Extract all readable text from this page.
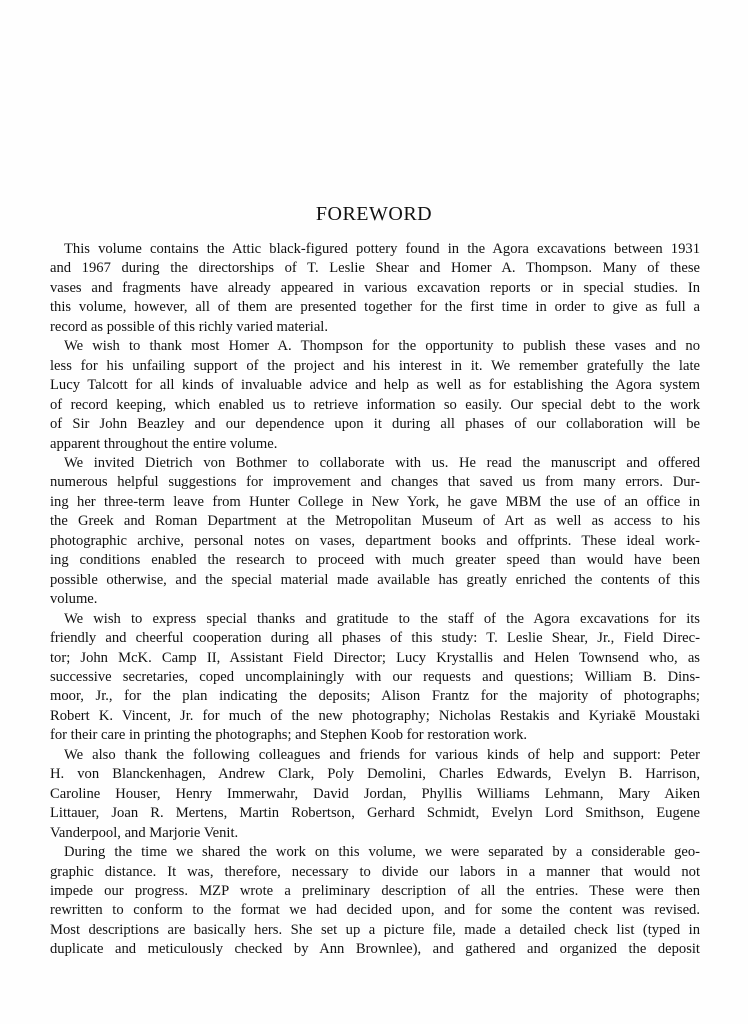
FOREWORD
This volume contains the Attic black-figured pottery found in the Agora excavations between 1931
and 1967 during the directorships of T. Leslie Shear and Homer A. Thompson. Many of these
vases and fragments have already appeared in various excavation reports or in special studies. In
this volume, however, all of them are presented together for the first time in order to give as full a
record as possible of this richly varied material.
We wish to thank most Homer A. Thompson for the opportunity to publish these vases and no
less for his unfailing support of the project and his interest in it. We remember gratefully the late
Lucy Talcott for all kinds of invaluable advice and help as well as for establishing the Agora system
of record keeping, which enabled us to retrieve information so easily. Our special debt to the work
of Sir John Beazley and our dependence upon it during all phases of our collaboration will be
apparent throughout the entire volume.
We invited Dietrich von Bothmer to collaborate with us. He read the manuscript and offered
numerous helpful suggestions for improvement and changes that saved us from many errors. Dur-
ing her three-term leave from Hunter College in New York, he gave MBM the use of an office in
the Greek and Roman Department at the Metropolitan Museum of Art as well as access to his
photographic archive, personal notes on vases, department books and offprints. These ideal work-
ing conditions enabled the research to proceed with much greater speed than would have been
possible otherwise, and the special material made available has greatly enriched the contents of this
volume.
We wish to express special thanks and gratitude to the staff of the Agora excavations for its
friendly and cheerful cooperation during all phases of this study: T. Leslie Shear, Jr., Field Direc-
tor; John McK. Camp II, Assistant Field Director; Lucy Krystallis and Helen Townsend who, as
successive secretaries, coped uncomplainingly with our requests and questions; William B. Dins-
moor, Jr., for the plan indicating the deposits; Alison Frantz for the majority of photographs;
Robert K. Vincent, Jr. for much of the new photography; Nicholas Restakis and Kyriakē Moustaki
for their care in printing the photographs; and Stephen Koob for restoration work.
We also thank the following colleagues and friends for various kinds of help and support: Peter
H. von Blanckenhagen, Andrew Clark, Poly Demolini, Charles Edwards, Evelyn B. Harrison,
Caroline Houser, Henry Immerwahr, David Jordan, Phyllis Williams Lehmann, Mary Aiken
Littauer, Joan R. Mertens, Martin Robertson, Gerhard Schmidt, Evelyn Lord Smithson, Eugene
Vanderpool, and Marjorie Venit.
During the time we shared the work on this volume, we were separated by a considerable geo-
graphic distance. It was, therefore, necessary to divide our labors in a manner that would not
impede our progress. MZP wrote a preliminary description of all the entries. These were then
rewritten to conform to the format we had decided upon, and for some the content was revised.
Most descriptions are basically hers. She set up a picture file, made a detailed check list (typed in
duplicate and meticulously checked by Ann Brownlee), and gathered and organized the deposit
